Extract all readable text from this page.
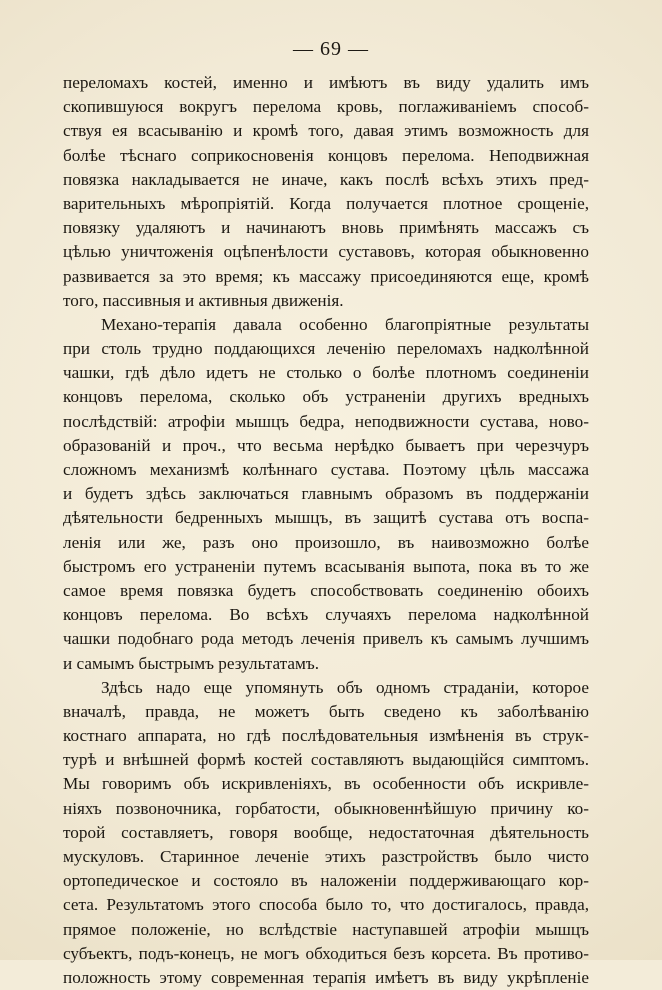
— 69 —
переломахъ костей, именно и имѣютъ въ виду удалить имъ
скопившуюся вокругъ перелома кровь, поглаживаніемъ способ-
ствуя ея всасыванію и кромѣ того, давая этимъ возможность для
болѣе тѣснаго соприкосновенія концовъ перелома. Неподвижная
повязка накладывается не иначе, какъ послѣ всѣхъ этихъ пред-
варительныхъ мѣропріятій. Когда получается плотное срощеніе,
повязку удаляютъ и начинаютъ вновь примѣнять массажъ съ
цѣлью уничтоженія оцѣпенѣлости суставовъ, которая обыкновенно
развивается за это время; къ массажу присоединяются еще, кромѣ
того, пассивныя и активныя движенія.
Механо-терапія давала особенно благопріятные результаты
при столь трудно поддающихся леченію переломахъ надколѣнной
чашки, гдѣ дѣло идетъ не столько о болѣе плотномъ соединеніи
концовъ перелома, сколько объ устраненіи другихъ вредныхъ
послѣдствій: атрофіи мышцъ бедра, неподвижности сустава, ново-
образованій и проч., что весьма нерѣдко бываетъ при черезчуръ
сложномъ механизмѣ колѣннаго сустава. Поэтому цѣль массажа
и будетъ здѣсь заключаться главнымъ образомъ въ поддержаніи
дѣятельности бедренныхъ мышцъ, въ защитѣ сустава отъ воспа-
ленія или же, разъ оно произошло, въ наивозможно болѣе
быстромъ его устраненіи путемъ всасыванія выпота, пока въ то же
самое время повязка будетъ способствовать соединенію обоихъ
концовъ перелома. Во всѣхъ случаяхъ перелома надколѣнной
чашки подобнаго рода методъ леченія привелъ къ самымъ лучшимъ
и самымъ быстрымъ результатамъ.
Здѣсь надо еще упомянуть объ одномъ страданіи, которое
вначалѣ, правда, не можетъ быть сведено къ заболѣванію
костнаго аппарата, но гдѣ послѣдовательныя измѣненія въ струк-
турѣ и внѣшней формѣ костей составляютъ выдающійся симптомъ.
Мы говоримъ объ искривленіяхъ, въ особенности объ искривле-
ніяхъ позвоночника, горбатости, обыкновеннѣйшую причину ко-
торой составляетъ, говоря вообще, недостаточная дѣятельность
мускуловъ. Старинное леченіе этихъ разстройствъ было чисто
ортопедическое и состояло въ наложеніи поддерживающаго кор-
сета. Результатомъ этого способа было то, что достигалось, правда,
прямое положеніе, но вслѣдствіе наступавшей атрофіи мышцъ
субъектъ, подъ-конецъ, не могъ обходиться безъ корсета. Въ противо-
положность этому современная терапія имѣетъ въ виду укрѣпленіе
